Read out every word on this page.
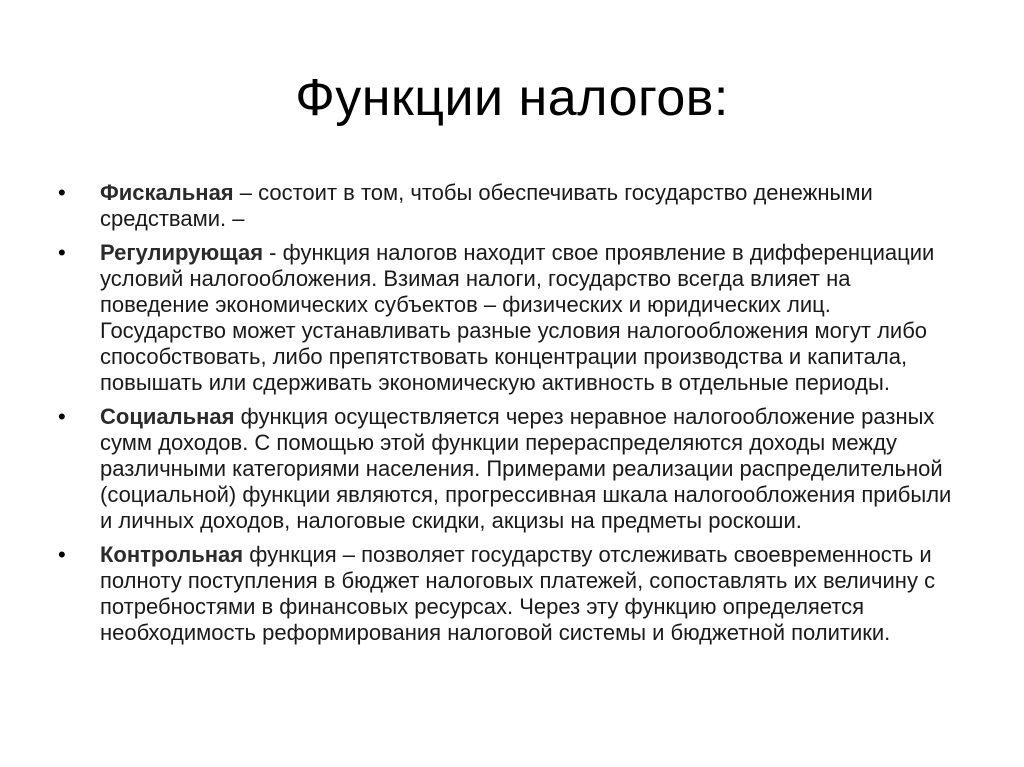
Функции налогов:
•	Фискальная – состоит в том, чтобы обеспечивать государство денежными средствами. –
•	Регулирующая - функция налогов находит свое проявление в дифференциации условий налогообложения. Взимая налоги, государство всегда влияет на поведение экономических субъектов – физических и юридических лиц. Государство может устанавливать разные условия налогообложения могут либо способствовать, либо препятствовать концентрации производства и капитала, повышать или сдерживать экономическую активность в отдельные периоды.
•	Социальная функция осуществляется через неравное налогообложение разных сумм доходов. С помощью этой функции перераспределяются доходы между различными категориями населения. Примерами реализации распределительной (социальной) функции являются, прогрессивная шкала налогообложения прибыли и личных доходов, налоговые скидки, акцизы на предметы роскоши.
•	Контрольная функция – позволяет государству отслеживать своевременность и полноту поступления в бюджет налоговых платежей, сопоставлять их величину с потребностями в финансовых ресурсах. Через эту функцию определяется необходимость реформирования налоговой системы и бюджетной политики.
